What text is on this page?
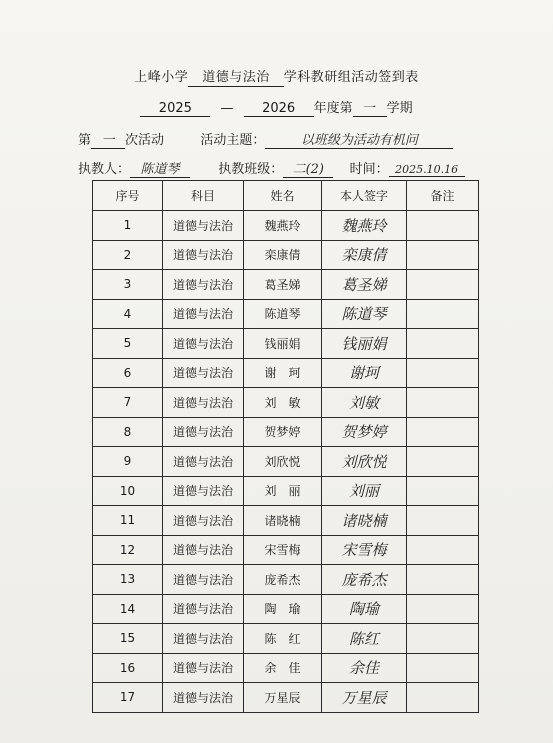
上峰小学 道德与法治 学科教研组活动签到表
2025 — 2026 年度第 一 学期
第 一 次活动	活动主题：	以班级为活动有机问
执教人： 陈道琴	执教班级： 二(2) 时间： 2025.10.16
序号	科目	姓名	本人签字	备注
1	道德与法治	魏燕玲	魏燕玲	
2	道德与法治	栾康倩	栾康倩	
3	道德与法治	葛圣娣	葛圣娣	
4	道德与法治	陈道琴	陈道琴	
5	道德与法治	钱丽娟	钱丽娟	
6	道德与法治	谢　珂	谢珂	
7	道德与法治	刘　敏	刘敏	
8	道德与法治	贺梦婷	贺梦婷	
9	道德与法治	刘欣悦	刘欣悦	
10	道德与法治	刘　丽	刘丽	
11	道德与法治	诸晓楠	诸晓楠	
12	道德与法治	宋雪梅	宋雪梅	
13	道德与法治	庞希杰	庞希杰	
14	道德与法治	陶　瑜	陶瑜	
15	道德与法治	陈　红	陈红	
16	道德与法治	余　佳	余佳	
17	道德与法治	万星辰	万星辰	
